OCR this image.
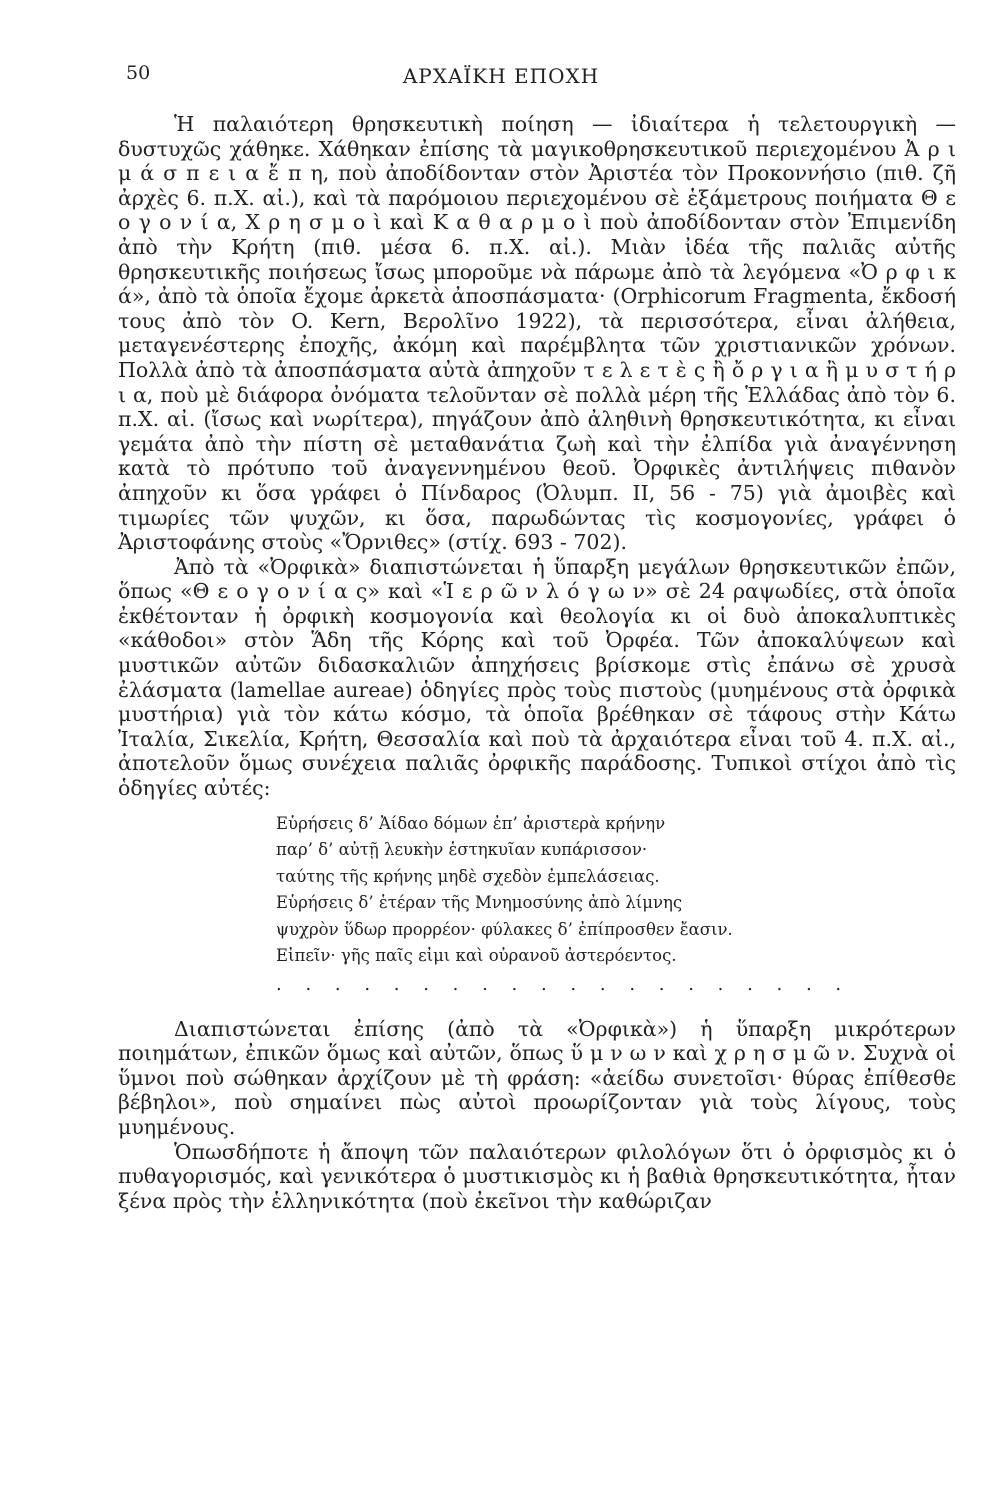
50	ΑΡΧΑΪΚΗ ΕΠΟΧΗ

Ἡ παλαιότερη θρησκευτικὴ ποίηση — ἰδιαίτερα ἡ τελετουργικὴ — δυστυχῶς χάθηκε. Χάθηκαν ἐπίσης τὰ μαγικοθρησκευτικοῦ περιεχομένου Ἀ ρ ι μ ά σ π ε ι α ἔ π η, ποὺ ἀποδίδονταν στὸν Ἀριστέα τὸν Προκοννήσιο (πιθ. ζῆ ἀρχὲς 6. π.Χ. αἰ.), καὶ τὰ παρόμοιου περιεχομένου σὲ ἑξάμετρους ποιήματα Θ ε ο γ ο ν ί α, Χ ρ η σ μ ο ὶ καὶ Κ α θ α ρ μ ο ὶ ποὺ ἀποδίδονταν στὸν Ἐπιμενίδη ἀπὸ τὴν Κρήτη (πιθ. μέσα 6. π.Χ. αἰ.). Μιὰν ἰδέα τῆς παλιᾶς αὐτῆς θρησκευτικῆς ποιήσεως ἴσως μποροῦμε νὰ πάρωμε ἀπὸ τὰ λεγόμενα «Ὀ ρ φ ι κ ά», ἀπὸ τὰ ὁποῖα ἔχομε ἀρκετὰ ἀποσπάσματα· (Orphicorum Fragmenta, ἔκδοσή τους ἀπὸ τὸν O. Kern, Βερολῖνο 1922), τὰ περισσότερα, εἶναι ἀλήθεια, μεταγενέστερης ἐποχῆς, ἀκόμη καὶ παρέμβλητα τῶν χριστιανικῶν χρόνων. Πολλὰ ἀπὸ τὰ ἀποσπάσματα αὐτὰ ἀπηχοῦν τ ε λ ε τ ὲ ς ἢ ὄ ρ γ ι α ἢ μ υ σ τ ή ρ ι α, ποὺ μὲ διάφορα ὀνόματα τελοῦνταν σὲ πολλὰ μέρη τῆς Ἑλλάδας ἀπὸ τὸν 6. π.Χ. αἰ. (ἴσως καὶ νωρίτερα), πηγάζουν ἀπὸ ἀληθινὴ θρησκευτικότητα, κι εἶναι γεμάτα ἀπὸ τὴν πίστη σὲ μεταθανάτια ζωὴ καὶ τὴν ἐλπίδα γιὰ ἀναγέννηση κατὰ τὸ πρότυπο τοῦ ἀναγεννημένου θεοῦ. Ὀρφικὲς ἀντιλήψεις πιθανὸν ἀπηχοῦν κι ὅσα γράφει ὁ Πίνδαρος (Ὀλυμπ. II, 56 - 75) γιὰ ἀμοιβὲς καὶ τιμωρίες τῶν ψυχῶν, κι ὅσα, παρωδώντας τὶς κοσμογονίες, γράφει ὁ Ἀριστοφάνης στοὺς «Ὄρνιθες» (στίχ. 693 - 702).

Ἀπὸ τὰ «Ὀρφικὰ» διαπιστώνεται ἡ ὕπαρξη μεγάλων θρησκευτικῶν ἐπῶν, ὅπως «Θ ε ο γ ο ν ί α ς» καὶ «Ἱ ε ρ ῶ ν λ ό γ ω ν» σὲ 24 ραψωδίες, στὰ ὁποῖα ἐκθέτονταν ἡ ὀρφικὴ κοσμογονία καὶ θεολογία κι οἱ δυὸ ἀποκαλυπτικὲς «κάθοδοι» στὸν Ἅδη τῆς Κόρης καὶ τοῦ Ὀρφέα. Τῶν ἀποκαλύψεων καὶ μυστικῶν αὐτῶν διδασκαλιῶν ἀπηχήσεις βρίσκομε στὶς ἐπάνω σὲ χρυσὰ ἐλάσματα (lamellae aureae) ὁδηγίες πρὸς τοὺς πιστοὺς (μυημένους στὰ ὀρφικὰ μυστήρια) γιὰ τὸν κάτω κόσμο, τὰ ὁποῖα βρέθηκαν σὲ τάφους στὴν Κάτω Ἰταλία, Σικελία, Κρήτη, Θεσσαλία καὶ ποὺ τὰ ἀρχαιότερα εἶναι τοῦ 4. π.Χ. αἰ., ἀποτελοῦν ὅμως συνέχεια παλιᾶς ὀρφικῆς παράδοσης. Τυπικοὶ στίχοι ἀπὸ τὶς ὁδηγίες αὐτές:

Εὑρήσεις δ’ Ἀίδαο δόμων ἐπ’ ἀριστερὰ κρήνην
παρ’ δ’ αὐτῇ λευκὴν ἑστηκυῖαν κυπάρισσον·
ταύτης τῆς κρήνης μηδὲ σχεδὸν ἐμπελάσειας.
Εὑρήσεις δ’ ἑτέραν τῆς Μνημοσύνης ἀπὸ λίμνης
ψυχρὸν ὕδωρ προρρέον· φύλακες δ’ ἐπίπροσθεν ἔασιν.
Εἰπεῖν· γῆς παῖς εἰμι καὶ οὐρανοῦ ἀστερόεντος.
. . . . . . . . . . . . . . . . . . . .

Διαπιστώνεται ἐπίσης (ἀπὸ τὰ «Ὀρφικὰ») ἡ ὕπαρξη μικρότερων ποιημάτων, ἐπικῶν ὅμως καὶ αὐτῶν, ὅπως ὕ μ ν ω ν καὶ χ ρ η σ μ ῶ ν. Συχνὰ οἱ ὕμνοι ποὺ σώθηκαν ἀρχίζουν μὲ τὴ φράση: «ἀείδω συνετοῖσι· θύρας ἐπίθεσθε βέβηλοι», ποὺ σημαίνει πὼς αὐτοὶ προωρίζονταν γιὰ τοὺς λίγους, τοὺς μυημένους.

Ὁπωσδήποτε ἡ ἄποψη τῶν παλαιότερων φιλολόγων ὅτι ὁ ὀρφισμὸς κι ὁ πυθαγορισμός, καὶ γενικότερα ὁ μυστικισμὸς κι ἡ βαθιὰ θρησκευτικότητα, ἦταν ξένα πρὸς τὴν ἑλληνικότητα (ποὺ ἐκεῖνοι τὴν καθώριζαν
